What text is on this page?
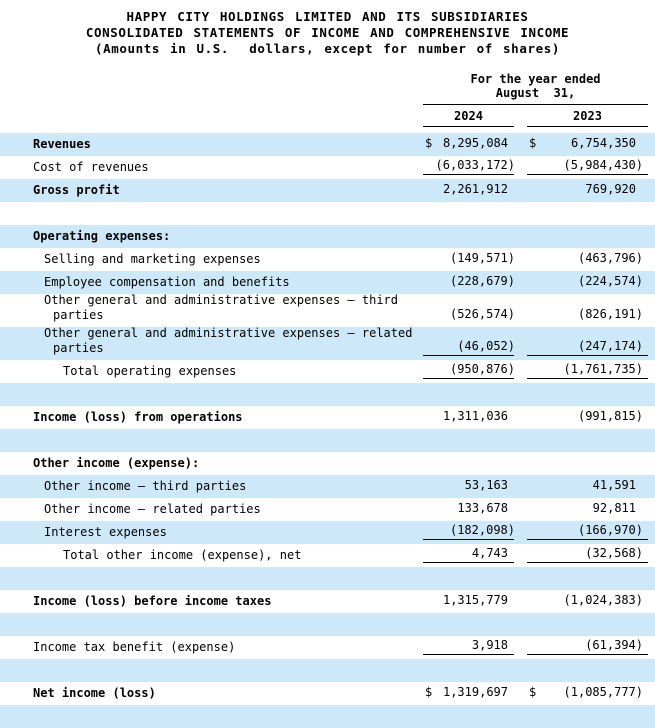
HAPPY CITY HOLDINGS LIMITED AND ITS SUBSIDIARIES
CONSOLIDATED STATEMENTS OF INCOME AND COMPREHENSIVE INCOME
(Amounts in U.S.  dollars, except for number of shares)
For the year ended
August  31,
2024	2023
Revenues	$ 8,295,084 $	6,754,350
Cost of revenues	(6,033,172)	(5,984,430)
Gross profit	2,261,912	769,920
Operating expenses:
Selling and marketing expenses	(149,571)	(463,796)
Employee compensation and benefits	(228,679)	(224,574)
Other general and administrative expenses – third parties	(526,574)	(826,191)
Other general and administrative expenses – related parties	(46,052)	(247,174)
Total operating expenses	(950,876)	(1,761,735)
Income (loss) from operations	1,311,036	(991,815)
Other income (expense):
Other income – third parties	53,163	41,591
Other income – related parties	133,678	92,811
Interest expenses	(182,098)	(166,970)
Total other income (expense), net	4,743	(32,568)
Income (loss) before income taxes	1,315,779	(1,024,383)
Income tax benefit (expense)	3,918	(61,394)
Net income (loss)	$ 1,319,697 $ (1,085,777)
